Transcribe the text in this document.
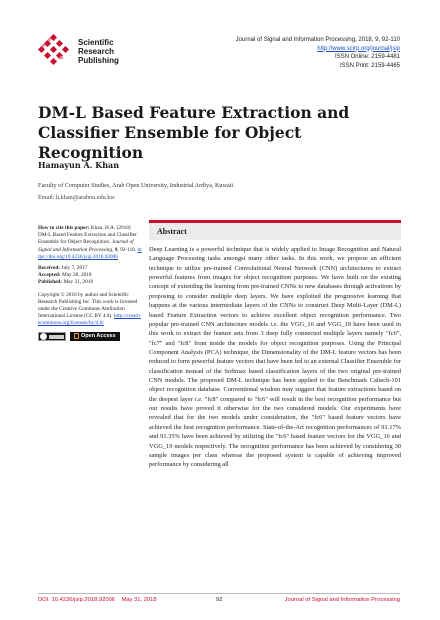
Scientific
Research
Publishing
Journal of Signal and Information Processing, 2018, 9, 92-110
http://www.scirp.org/journal/jsip
ISSN Online: 2159-4481
ISSN Print: 2159-4465
DM-L Based Feature Extraction and Classifier Ensemble for Object Recognition
Hamayun A. Khan
Faculty of Computer Studies, Arab Open University, Industrial Ardiya, Kuwait
Email: h.khan@arabou.edu.kw

How to cite this paper: Khan, H.A. (2018) DM-L Based Feature Extraction and Classifier Ensemble for Object Recognition. Journal of Signal and Information Processing, 9, 92-110. https://doi.org/10.4236/jsip.2018.92006

Received: July 7, 2017

Accepted: May 28, 2018

Published: May 31, 2018

Copyright © 2018 by author and Scientific Research Publishing Inc. This work is licensed under the Creative Commons Attribution International License (CC BY 4.0). http://creativecommons.org/licenses/by/4.0/

Open Access
Abstract
Deep Learning is a powerful technique that is widely applied to Image Recognition and Natural Language Processing tasks amongst many other tasks. In this work, we propose an efficient technique to utilize pre-trained Convolutional Neural Network (CNN) architectures to extract powerful features from images for object recognition purposes. We have built on the existing concept of extending the learning from pre-trained CNNs to new databases through activations by proposing to consider multiple deep layers. We have exploited the progressive learning that happens at the various intermediate layers of the CNNs to construct Deep Multi-Layer (DM-L) based Feature Extraction vectors to achieve excellent object recognition performance. Two popular pre-trained CNN architecture models i.e. the VGG_16 and VGG_19 have been used in this work to extract the feature sets from 3 deep fully connected multiple layers namely "fc6", "fc7" and "fc8" from inside the models for object recognition purposes. Using the Principal Component Analysis (PCA) technique, the Dimensionality of the DM-L feature vectors has been reduced to form powerful feature vectors that have been fed to an external Classifier Ensemble for classification instead of the Softmax based classification layers of the two original pre-trained CNN models. The proposed DM-L technique has been applied to the Benchmark Caltech-101 object recognition database. Conventional wisdom may suggest that feature extractions based on the deepest layer i.e. "fc8" compared to "fc6" will result in the best recognition performance but our results have proved it otherwise for the two considered models. Our experiments have revealed that for the two models under consideration, the "fc6" based feature vectors have achieved the best recognition performance. State-of-the-Art recognition performances of 91.17% and 91.35% have been achieved by utilizing the "fc6" based feature vectors for the VGG_16 and VGG_19 models respectively. The recognition performance has been achieved by considering 30 sample images per class whereas the proposed system is capable of achieving improved performance by considering all
DOI: 10.4236/jsip.2018.92006    May 31, 2018	92	Journal of Signal and Information Processing
